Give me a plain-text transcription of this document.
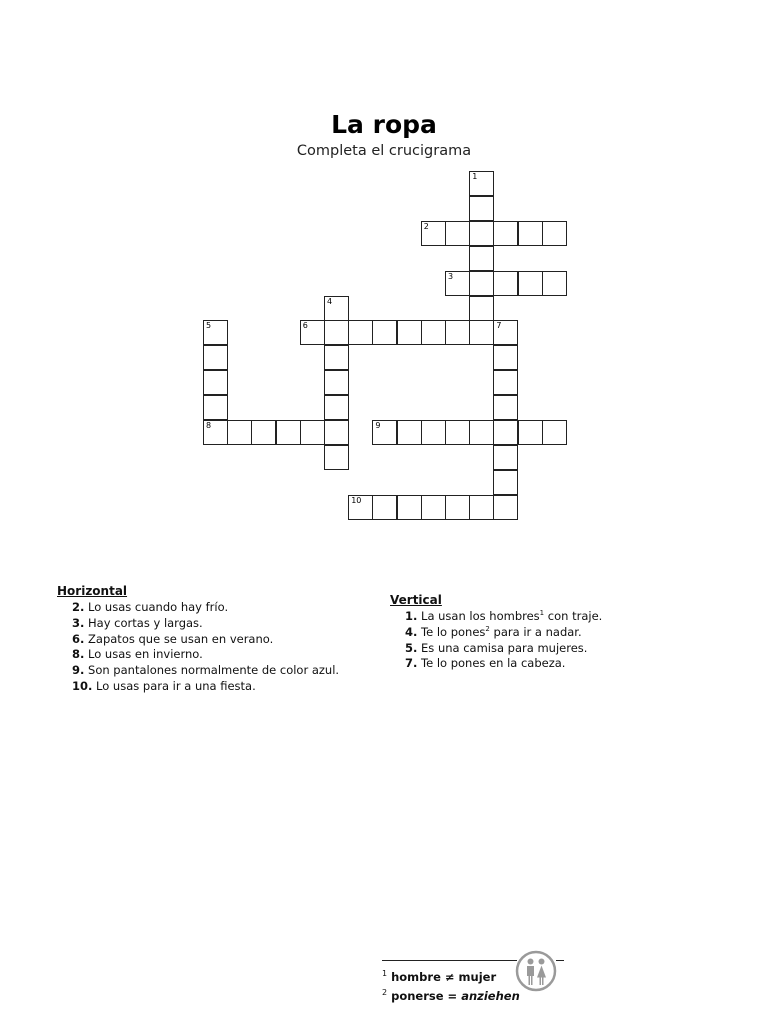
La ropa
Completa el crucigrama
1
2
3
4
5
8
6	7
9
10
Horizontal
2. Lo usas cuando hay frío.
3. Hay cortas y largas.
6. Zapatos que se usan en verano.
8. Lo usas en invierno.
9. Son pantalones normalmente de color azul.
10. Lo usas para ir a una fiesta.
Vertical
1. La usan los hombres$^1$ con traje.
4. Te lo pones$^2$ para ir a nadar.
5. Es una camisa para mujeres.
7. Te lo pones en la cabeza.
$^1$ hombre ≠ mujer
$^2$ ponerse = anziehen
